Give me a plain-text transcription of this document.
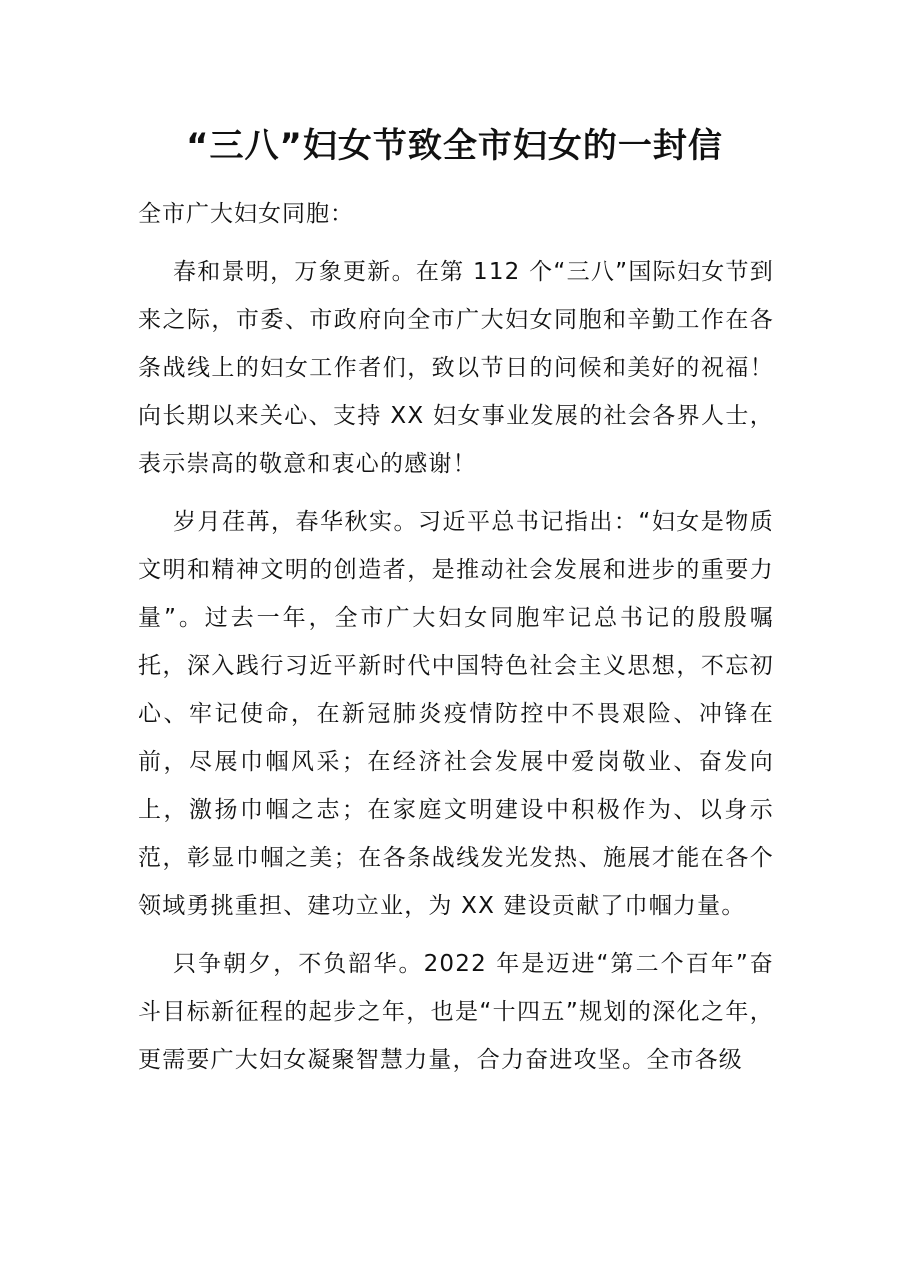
“三八”妇女节致全市妇女的一封信
全市广大妇女同胞：

春和景明，万象更新。在第 112 个“三八”国际妇女节到来之际，市委、市政府向全市广大妇女同胞和辛勤工作在各条战线上的妇女工作者们，致以节日的问候和美好的祝福！向长期以来关心、支持 XX 妇女事业发展的社会各界人士，表示崇高的敬意和衷心的感谢！

岁月荏苒，春华秋实。习近平总书记指出：“妇女是物质文明和精神文明的创造者，是推动社会发展和进步的重要力量”。过去一年，全市广大妇女同胞牢记总书记的殷殷嘱托，深入践行习近平新时代中国特色社会主义思想，不忘初心、牢记使命，在新冠肺炎疫情防控中不畏艰险、冲锋在前，尽展巾帼风采；在经济社会发展中爱岗敬业、奋发向上，激扬巾帼之志；在家庭文明建设中积极作为、以身示范，彰显巾帼之美；在各条战线发光发热、施展才能在各个领域勇挑重担、建功立业，为 XX 建设贡献了巾帼力量。

只争朝夕，不负韶华。2022 年是迈进“第二个百年”奋斗目标新征程的起步之年，也是“十四五”规划的深化之年，更需要广大妇女凝聚智慧力量，合力奋进攻坚。全市各级
